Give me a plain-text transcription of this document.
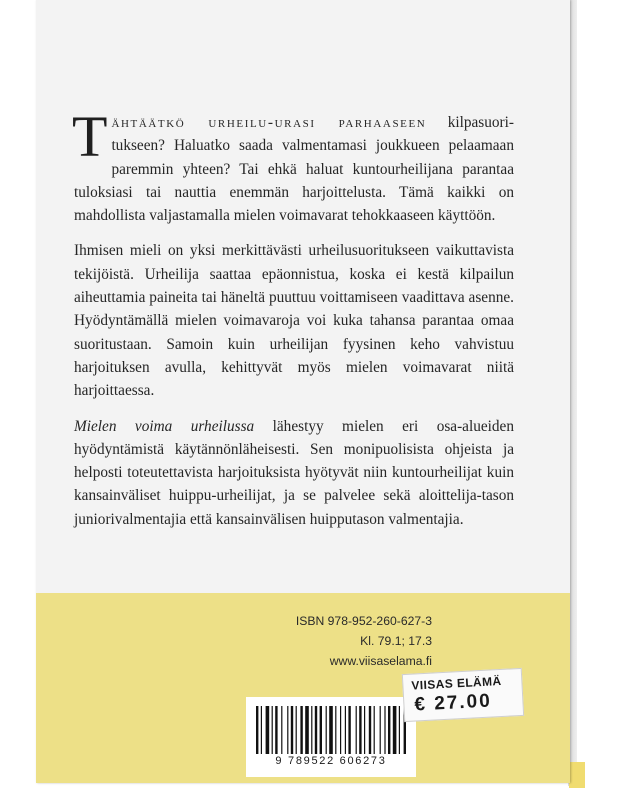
Tähtäätkö urheilu-urasi parhaaseen kilpasuori- tukseen? Haluatko saada valmentamasi joukkueen pelaamaan paremmin yhteen? Tai ehkä haluat kuntourheilijana parantaa tuloksiasi tai nauttia enemmän harjoittelusta. Tämä kaikki on mahdollista valjastamalla mielen voimavarat tehokkaaseen käyttöön.

Ihmisen mieli on yksi merkittävästi urheilusuoritukseen vaikuttavista tekijöistä. Urheilija saattaa epäonnistua, koska ei kestä kilpailun aiheuttamia paineita tai häneltä puuttuu voittamiseen vaadittava asenne. Hyödyntämällä mielen voimavaroja voi kuka tahansa parantaa omaa suoritustaan. Samoin kuin urheilijan fyysinen keho vahvistuu harjoituksen avulla, kehittyvät myös mielen voimavarat niitä harjoittaessa.

Mielen voima urheilussa lähestyy mielen eri osa-alueiden hyödyntämistä käytännönläheisesti. Sen monipuolisista ohjeista ja helposti toteutettavista harjoituksista hyötyvät niin kuntourheilijat kuin kansainväliset huippu-urheilijat, ja se palvelee sekä aloittelija-tason juniorivalmentajia että kansainvälisen huipputason valmentajia.

ISBN 978-952-260-627-3
Kl. 79.1; 17.3
www.viisaselama.fi
9 789522 606273
VIISAS ELÄMÄ
€ 27.00
